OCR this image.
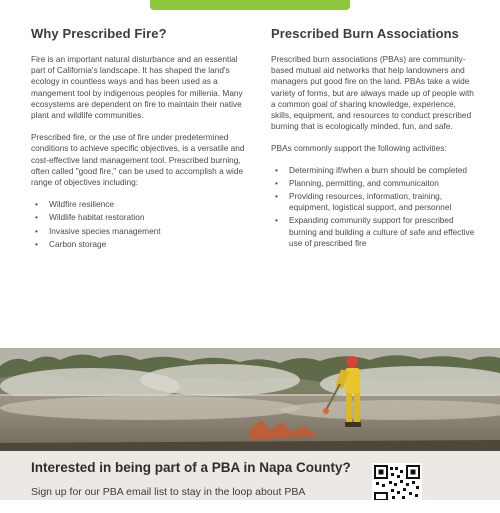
Why Prescribed Fire?

Fire is an important natural disturbance and an essential part of California's landscape. It has shaped the land's ecology in countless ways and has been used as a mangement tool by indigenous peoples for millenia. Many ecosystems are dependent on fire to maintain their native plant and wildlife communities.

Prescribed fire, or the use of fire under predetermined conditions to achieve specific objectives, is a versatile and cost-effective land management tool. Prescribed burning, often called "good fire," can be used to accomplish a wide range of objectives including:

• Wildfire resilience
• Wildlife habitat restoration
• Invasive species management
• Carbon storage
Prescribed Burn Associations

Prescribed burn associations (PBAs) are community-based mutual aid networks that help landowners and managers put good fire on the land. PBAs take a wide variety of forms, but are always made up of people with a common goal of sharing knowledge, experience, skills, equipment, and resources to conduct prescribed burning that is ecologically minded, fun, and safe.

PBAs commonly support the following activities:

• Determining if/when a burn should be completed
• Planning, permitting, and communicaiton
• Providing resources, information, training, equipment, logistical support, and personnel
• Expanding community support for prescribed burning and building a culture of safe and effective use of prescribed fire

Interested in being part of a PBA in Napa County?

Sign up for our PBA email list to stay in the loop about PBA
